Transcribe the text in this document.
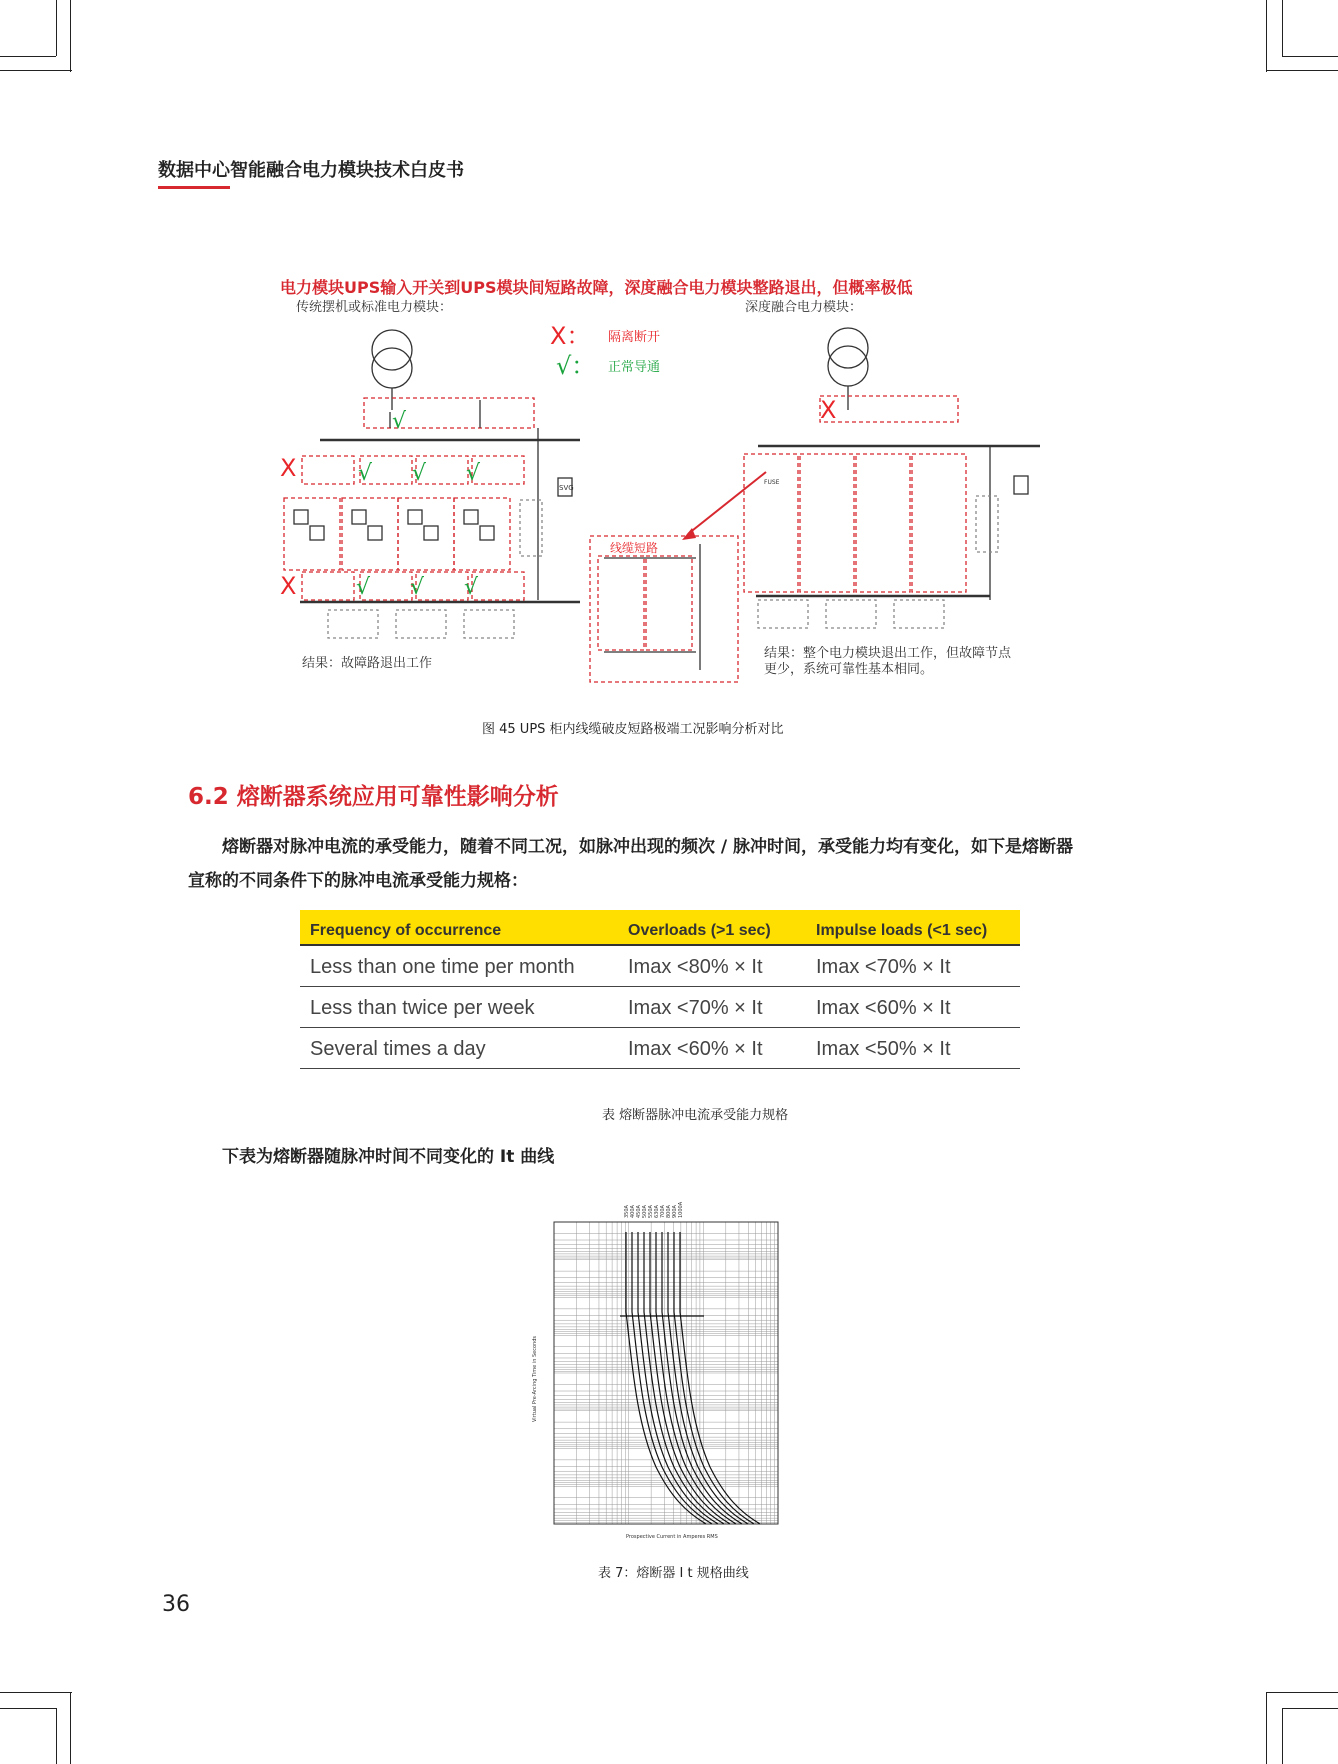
数据中心智能融合电力模块技术白皮书
电力模块UPS输入开关到UPS模块间短路故障，深度融合电力模块整路退出，但概率极低
传统摆机或标准电力模块：	深度融合电力模块：
X： 隔离断开
√： 正常导通
X
X
X
√
√ √ √
√ √ √
SVG
线缆短路
FUSE
结果：故障路退出工作
结果：整个电力模块退出工作，但故障节点
更少，系统可靠性基本相同。
图 45 UPS 柜内线缆破皮短路极端工况影响分析对比
6.2 熔断器系统应用可靠性影响分析
熔断器对脉冲电流的承受能力，随着不同工况，如脉冲出现的频次 / 脉冲时间，承受能力均有变化，如下是熔断器
宣称的不同条件下的脉冲电流承受能力规格：
Frequency of occurrence	Overloads (>1 sec)	Impulse loads (<1 sec)
Less than one time per month	Imax <80% × It	Imax <70% × It
Less than twice per week	Imax <70% × It	Imax <60% × It
Several times a day	Imax <60% × It	Imax <50% × It
表 熔断器脉冲电流承受能力规格
下表为熔断器随脉冲时间不同变化的 It 曲线
350A 400A 450A 500A 550A 630A 700A 800A 900A 1000A
Prospective Current in Amperes RMS
Virtual Pre-Arcing Time in Seconds
表 7：熔断器 I t 规格曲线
36
